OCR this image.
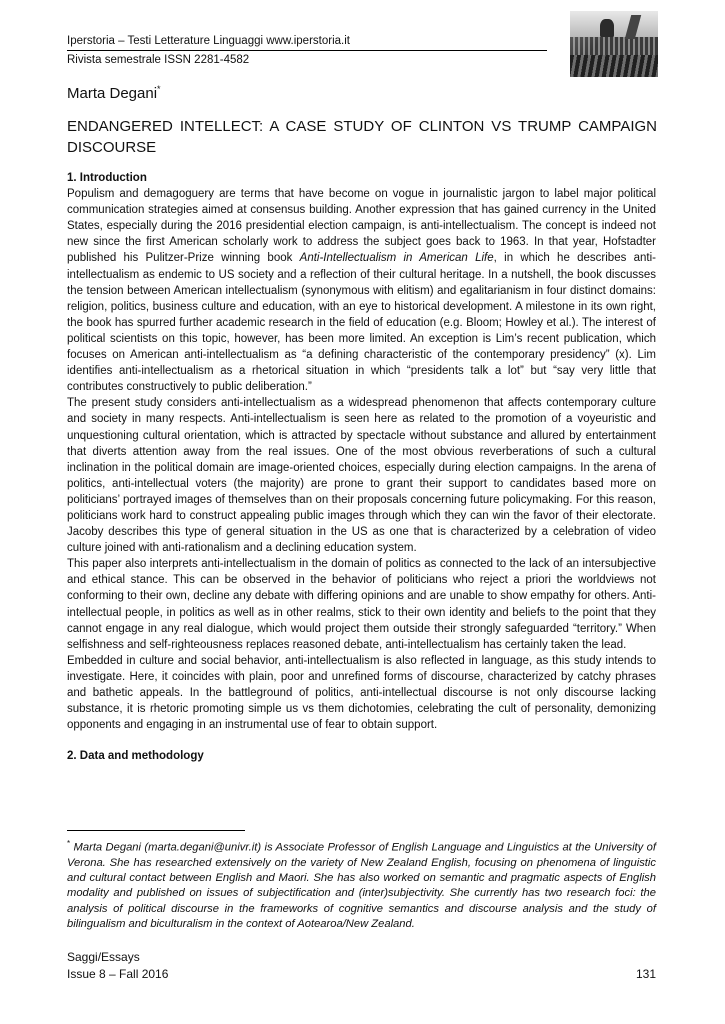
Iperstoria – Testi Letterature Linguaggi www.iperstoria.it
Rivista semestrale ISSN 2281-4582
Marta Degani*
ENDANGERED INTELLECT: A CASE STUDY OF CLINTON VS TRUMP CAMPAIGN DISCOURSE

1. Introduction

Populism and demagoguery are terms that have become on vogue in journalistic jargon to label major political communication strategies aimed at consensus building. Another expression that has gained currency in the United States, especially during the 2016 presidential election campaign, is anti-intellectualism. The concept is indeed not new since the first American scholarly work to address the subject goes back to 1963. In that year, Hofstadter published his Pulitzer-Prize winning book Anti-Intellectualism in American Life, in which he describes anti-intellectualism as endemic to US society and a reflection of their cultural heritage. In a nutshell, the book discusses the tension between American intellectualism (synonymous with elitism) and egalitarianism in four distinct domains: religion, politics, business culture and education, with an eye to historical development. A milestone in its own right, the book has spurred further academic research in the field of education (e.g. Bloom; Howley et al.). The interest of political scientists on this topic, however, has been more limited. An exception is Lim’s recent publication, which focuses on American anti-intellectualism as “a defining characteristic of the contemporary presidency” (x). Lim identifies anti-intellectualism as a rhetorical situation in which “presidents talk a lot” but “say very little that contributes constructively to public deliberation.”

The present study considers anti-intellectualism as a widespread phenomenon that affects contemporary culture and society in many respects. Anti-intellectualism is seen here as related to the promotion of a voyeuristic and unquestioning cultural orientation, which is attracted by spectacle without substance and allured by entertainment that diverts attention away from the real issues. One of the most obvious reverberations of such a cultural inclination in the political domain are image-oriented choices, especially during election campaigns. In the arena of politics, anti-intellectual voters (the majority) are prone to grant their support to candidates based more on politicians’ portrayed images of themselves than on their proposals concerning future policymaking. For this reason, politicians work hard to construct appealing public images through which they can win the favor of their electorate. Jacoby describes this type of general situation in the US as one that is characterized by a celebration of video culture joined with anti-rationalism and a declining education system.

This paper also interprets anti-intellectualism in the domain of politics as connected to the lack of an intersubjective and ethical stance. This can be observed in the behavior of politicians who reject a priori the worldviews not conforming to their own, decline any debate with differing opinions and are unable to show empathy for others. Anti-intellectual people, in politics as well as in other realms, stick to their own identity and beliefs to the point that they cannot engage in any real dialogue, which would project them outside their strongly safeguarded “territory.” When selfishness and self-righteousness replaces reasoned debate, anti-intellectualism has certainly taken the lead.

Embedded in culture and social behavior, anti-intellectualism is also reflected in language, as this study intends to investigate. Here, it coincides with plain, poor and unrefined forms of discourse, characterized by catchy phrases and bathetic appeals. In the battleground of politics, anti-intellectual discourse is not only discourse lacking substance, it is rhetoric promoting simple us vs them dichotomies, celebrating the cult of personality, demonizing opponents and engaging in an instrumental use of fear to obtain support.

2. Data and methodology

* Marta Degani (marta.degani@univr.it) is Associate Professor of English Language and Linguistics at the University of Verona. She has researched extensively on the variety of New Zealand English, focusing on phenomena of linguistic and cultural contact between English and Maori. She has also worked on semantic and pragmatic aspects of English modality and published on issues of subjectification and (inter)subjectivity. She currently has two research foci: the analysis of political discourse in the frameworks of cognitive semantics and discourse analysis and the study of bilingualism and biculturalism in the context of Aotearoa/New Zealand.
Saggi/Essays
Issue 8 – Fall 2016	131
